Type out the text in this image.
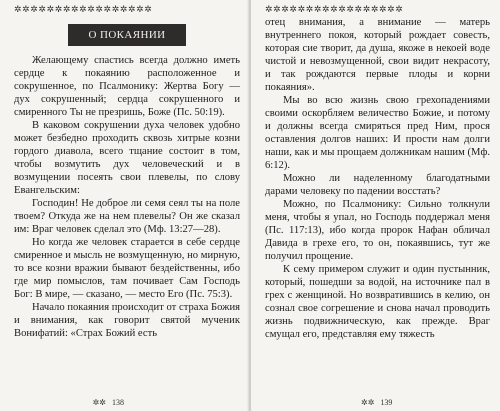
✲✲✲✲✲✲✲✲✲✲✲✲✲✲✲✲✲
О ПОКАЯНИИ

Желающему спастись всегда должно иметь сердце к покаянию расположенное и сокрушенное, по Псалмонику: Жертва Богу — дух сокрушенный; сердца сокрушенного и смиренного Ты не презришь, Боже (Пс. 50:19).

В каковом сокрушении духа человек удобно может безбедно проходить сквозь хитрые козни гордого диавола, всего тщание состоит в том, чтобы возмутить дух человеческий и в возмущении посеять свои плевелы, по слову Евангельским:

Господин! Не доброе ли семя сеял ты на поле твоем? Откуда же на нем плевелы? Он же сказал им: Враг человек сделал это (Мф. 13:27—28).

Но когда же человек старается в себе сердце смиренное и мысль не возмущенную, но мирную, то все козни вражии бывают бездейственны, ибо где мир помыслов, там почивает Сам Господь Бог: В мире, — сказано, — место Его (Пс. 75:3).

Начало покаяния происходит от страха Божия и внимания, как говорит святой мученик Вонифатий: «Страх Божий есть

✲✲ 138
✲✲✲✲✲✲✲✲✲✲✲✲✲✲✲✲✲

отец внимания, а внимание — матерь внутреннего покоя, который рождает совесть, которая сие творит, да душа, якоже в некоей воде чистой и невозмущенной, свои видит некрасоту, и так рождаются первые плоды и корни покаяния».

Мы во всю жизнь свою грехопадениями своими оскорбляем величество Божие, и потому и должны всегда смиряться пред Ним, прося оставления долгов наших: И прости нам долги наши, как и мы прощаем должникам нашим (Мф. 6:12).

Можно ли наделенному благодатными дарами человеку по падении восстать?

Можно, по Псалмонику: Сильно толкнули меня, чтобы я упал, но Господь поддержал меня (Пс. 117:13), ибо когда пророк Нафан обличал Давида в грехе его, то он, покаявшись, тут же получил прощение.

К сему примером служит и один пустынник, который, пошедши за водой, на источнике пал в грех с женщиной. Но возвратившись в келию, он сознал свое согрешение и снова начал проводить жизнь подвижническую, как прежде. Враг смущал его, представляя ему тяжесть

✲✲ 139
